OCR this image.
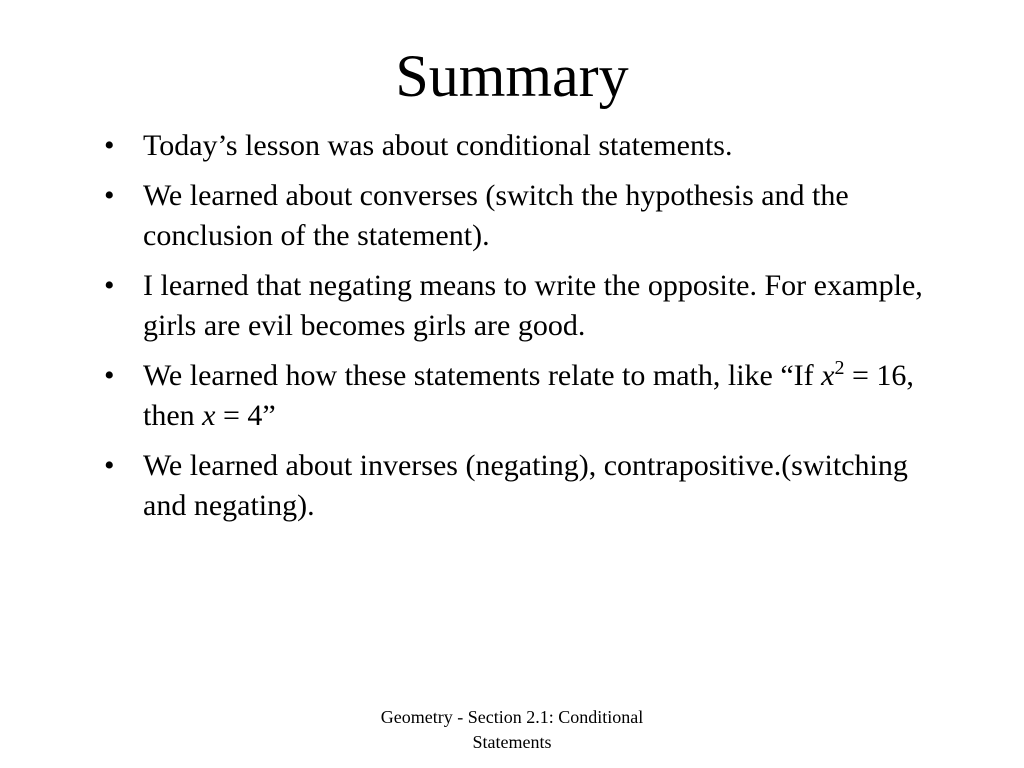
Summary
• Today’s lesson was about conditional statements.
• We learned about converses (switch the hypothesis and the conclusion of the statement).
• I learned that negating means to write the opposite. For example, girls are evil becomes girls are good.
• We learned how these statements relate to math, like “If $x^2 = 16$, then x = 4”
• We learned about inverses (negating), contrapositive.(switching and negating).
Geometry - Section 2.1: Conditional
Statements
